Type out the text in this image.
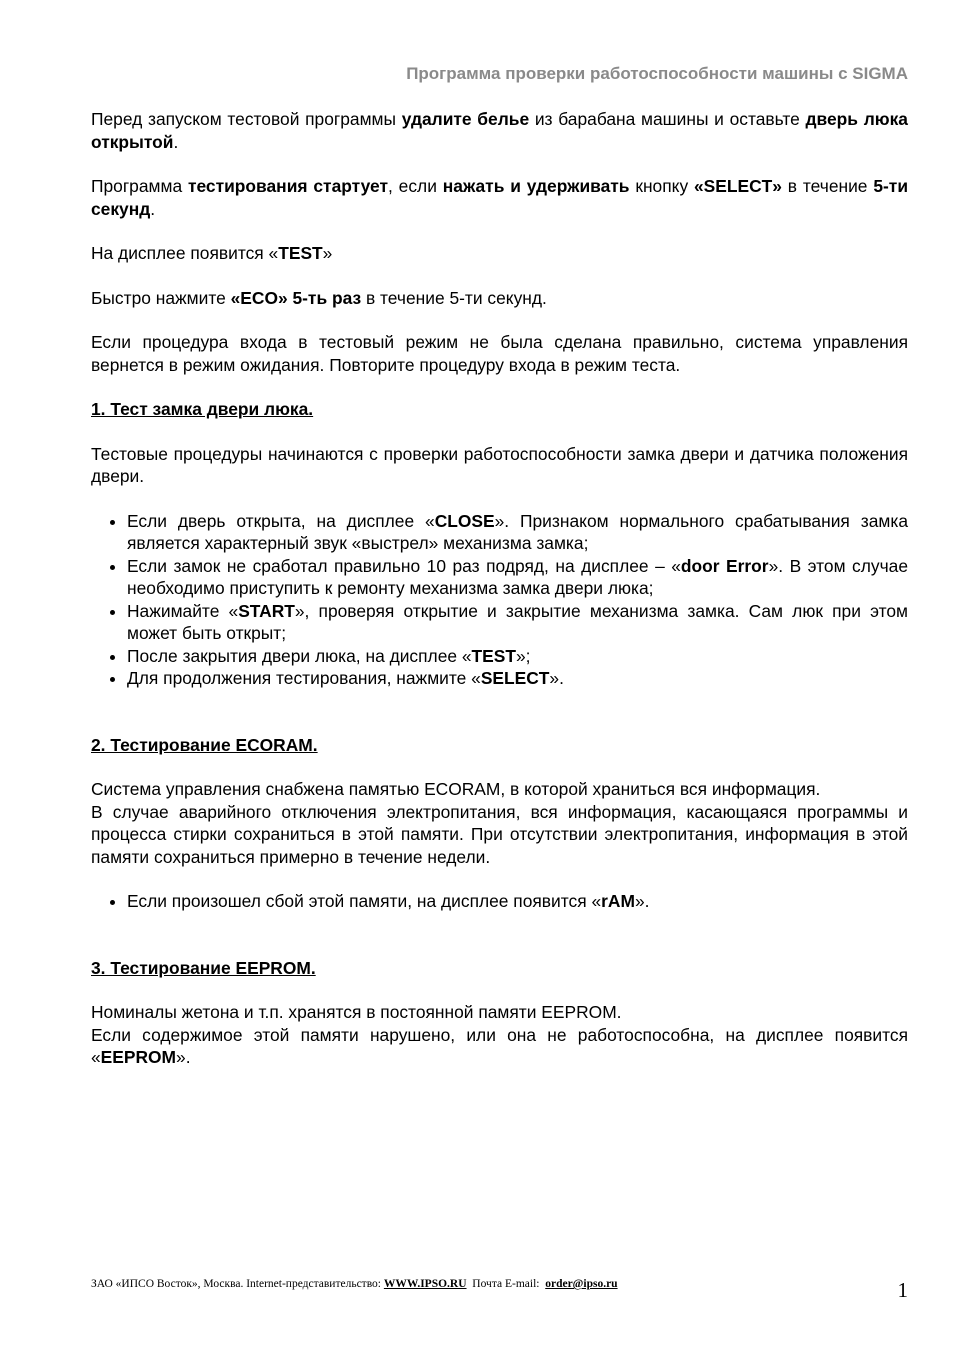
Программа проверки работоспособности машины с SIGMA

Перед запуском тестовой программы удалите белье из барабана машины и оставьте дверь люка открытой.

Программа тестирования стартует, если нажать и удерживать кнопку «SELECT» в течение 5-ти секунд.

На дисплее появится «TEST»

Быстро нажмите «ECO» 5-ть раз в течение 5-ти секунд.

Если процедура входа в тестовый режим не была сделана правильно, система управления вернется в режим ожидания. Повторите процедуру входа в режим теста.

1. Тест замка двери люка.

Тестовые процедуры начинаются с проверки работоспособности замка двери и датчика положения двери.

• Если дверь открыта, на дисплее «CLOSE». Признаком нормального срабатывания замка является характерный звук «выстрел» механизма замка;
• Если замок не сработал правильно 10 раз подряд, на дисплее – «door Error». В этом случае необходимо приступить к ремонту механизма замка двери люка;
• Нажимайте «START», проверяя открытие и закрытие механизма замка. Сам люк при этом может быть открыт;
• После закрытия двери люка, на дисплее «TEST»;
• Для продолжения тестирования, нажмите «SELECT».

2. Тестирование ECORAM.

Система управления снабжена памятью ECORAM, в которой храниться вся информация.

В случае аварийного отключения электропитания, вся информация, касающаяся программы и процесса стирки сохраниться в этой памяти. При отсутствии электропитания, информация в этой памяти сохраниться примерно в течение недели.

• Если произошел сбой этой памяти, на дисплее появится «rAM».

3. Тестирование EEPROM.

Номиналы жетона и т.п. хранятся в постоянной памяти EEPROM.

Если содержимое этой памяти нарушено, или она не работоспособна, на дисплее появится «EEPROM».

ЗАО «ИПСО Восток», Москва. Internet-представительство: WWW.IPSO.RU  Почта E-mail:  order@ipso.ru	1
